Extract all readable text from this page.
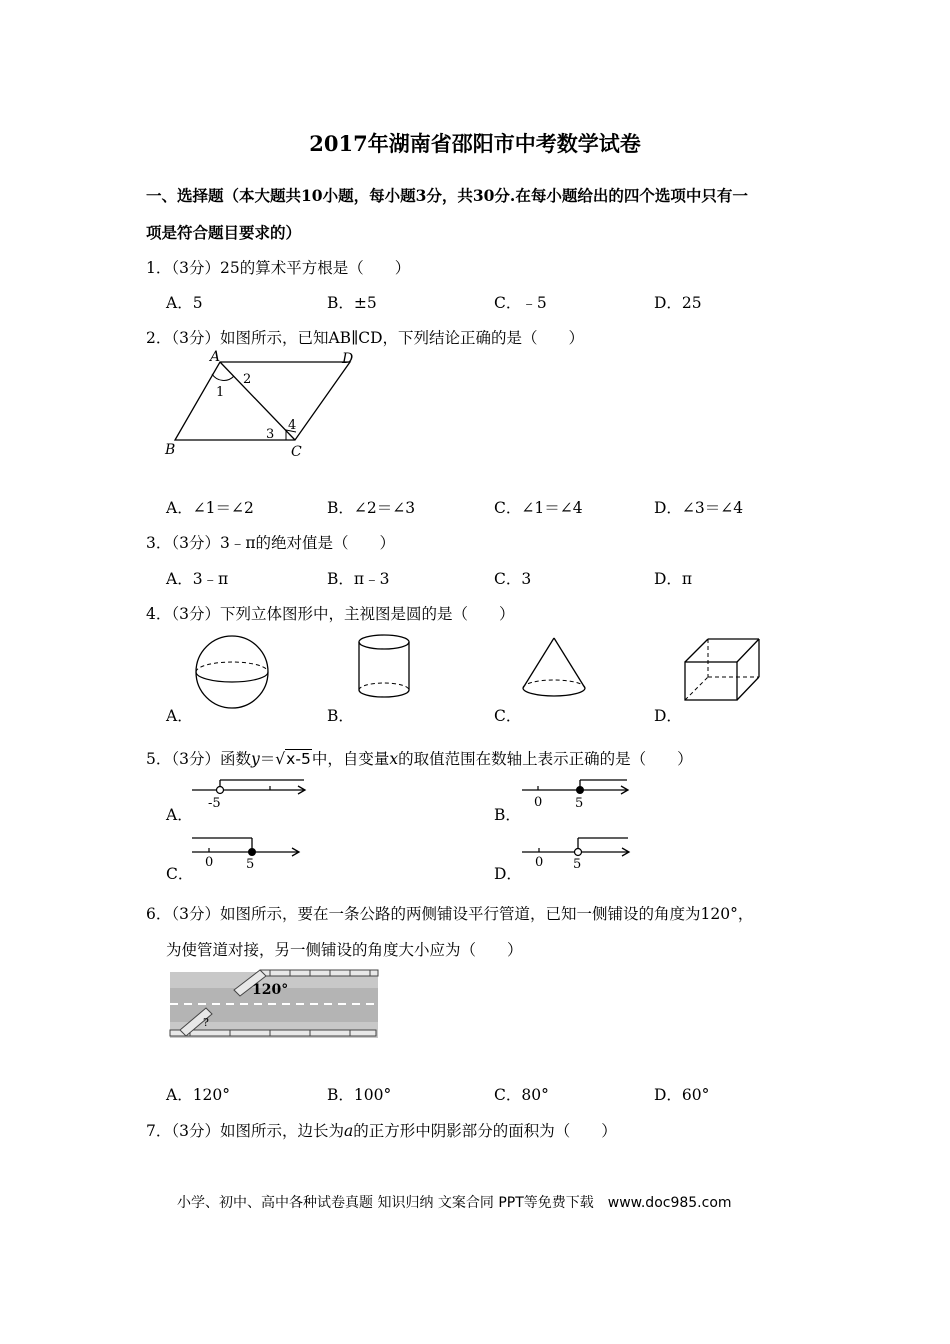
2017年湖南省邵阳市中考数学试卷
一、选择题（本大题共10小题，每小题3分，共30分.在每小题给出的四个选项中只有一
项是符合题目要求的）
1．（3分）25的算术平方根是（　　）
A．5	B．±5	C．﹣5	D．25
2．（3分）如图所示，已知AB∥CD，下列结论正确的是（　　）
A	D
B	C
1
2
3
4
A．∠1＝∠2	B．∠2＝∠3	C．∠1＝∠4	D．∠3＝∠4
3．（3分）3﹣π的绝对值是（　　）
A．3﹣π	B．π﹣3	C．3	D．π
4．（3分）下列立体图形中，主视图是圆的是（　　）
A．	B．	C．	D．
5．（3分）函数y＝√x-5中，自变量x的取值范围在数轴上表示正确的是（　　）
-5
A．
0	5
B．
0	5
C．
0 5
D．
6．（3分）如图所示，要在一条公路的两侧铺设平行管道，已知一侧铺设的角度为120°，
为使管道对接，另一侧铺设的角度大小应为（　　）
120°
?
A．120°	B．100°	C．80°	D．60°
7．（3分）如图所示，边长为a的正方形中阴影部分的面积为（　　）
小学、初中、高中各种试卷真题 知识归纳 文案合同 PPT等免费下载　www.doc985.com
